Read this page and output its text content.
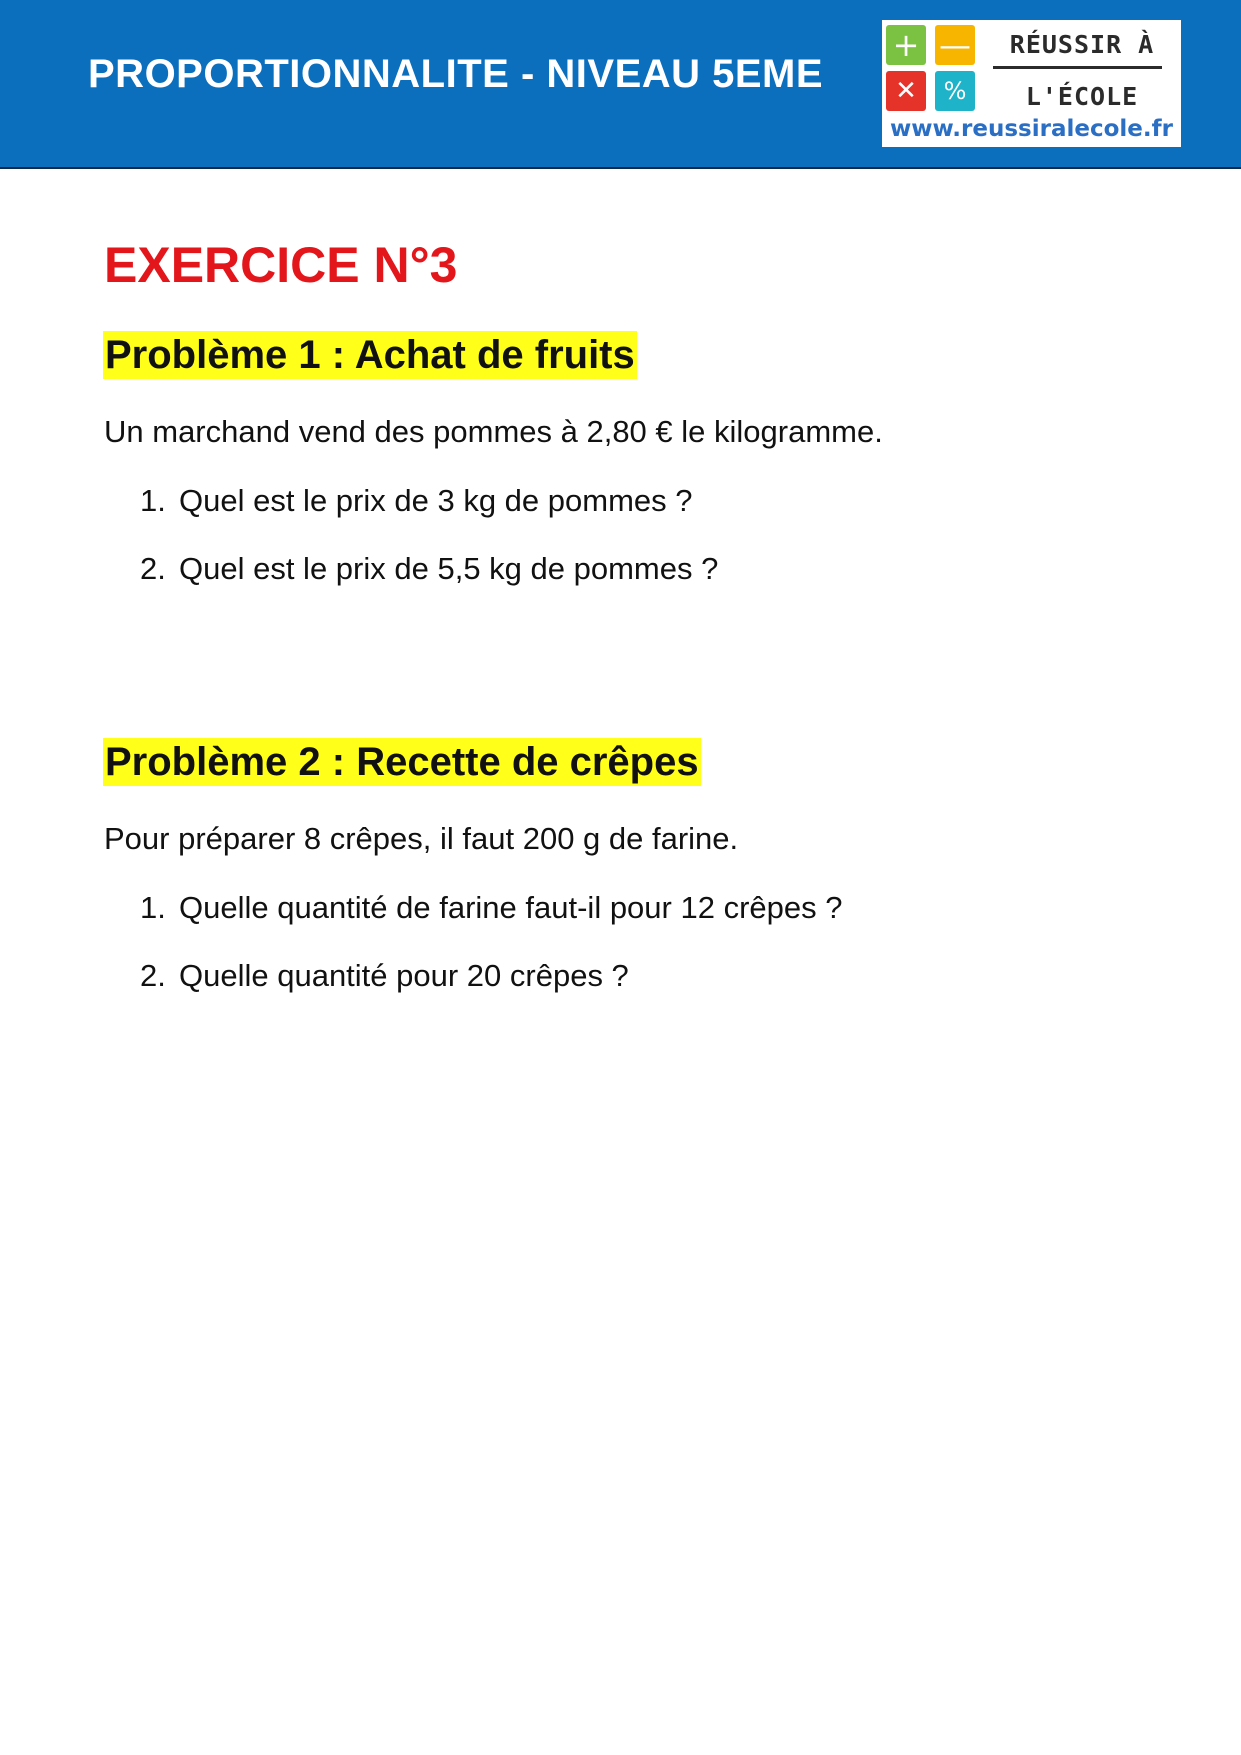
PROPORTIONNALITE - NIVEAU 5EME
+ —
✕	%
RÉUSSIR À
L'ÉCOLE
www.reussiralecole.fr
EXERCICE N°3
Problème 1 : Achat de fruits
Un marchand vend des pommes à 2,80 € le kilogramme.
1. Quel est le prix de 3 kg de pommes ?
2. Quel est le prix de 5,5 kg de pommes ?
Problème 2 : Recette de crêpes
Pour préparer 8 crêpes, il faut 200 g de farine.
1. Quelle quantité de farine faut-il pour 12 crêpes ?
2. Quelle quantité pour 20 crêpes ?
